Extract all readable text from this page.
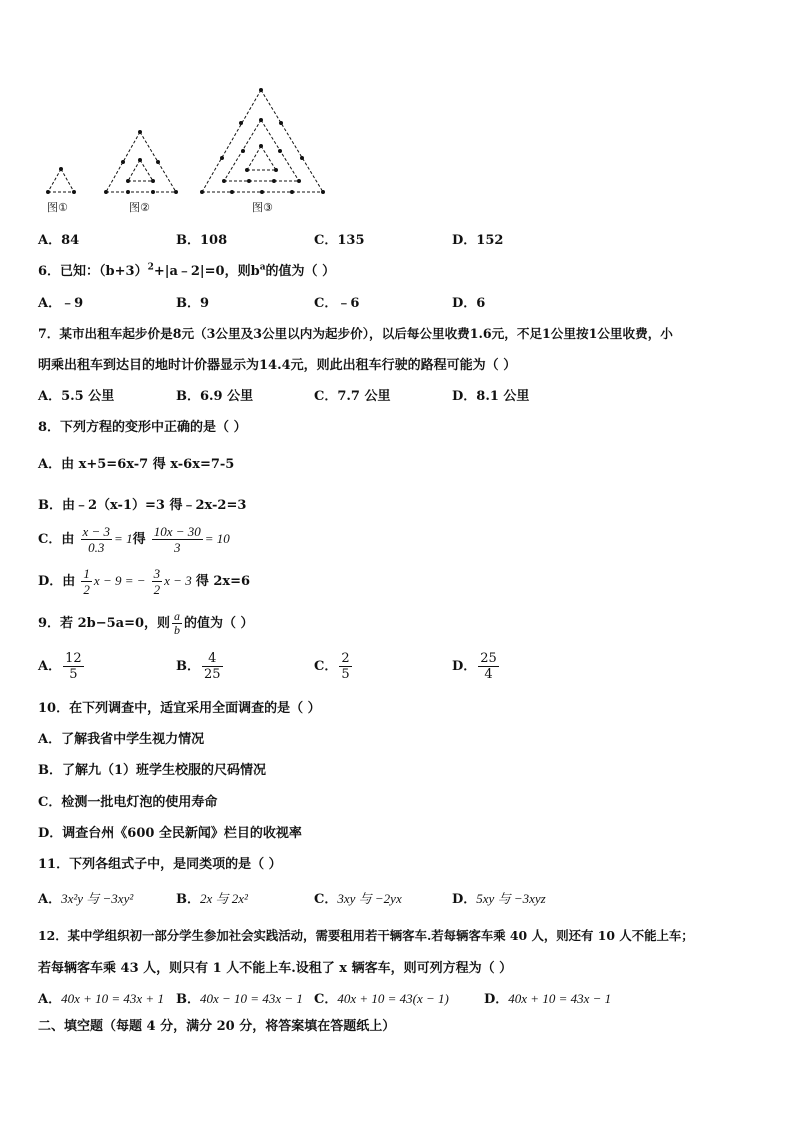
图①	图②	图③
A．84	B．108	C．135	D．152
6．已知：$(b+3)^2+|a﹣2|=0$，则$b^a$的值为（ ）
A．﹣9	B．9	C．﹣6	D．6
7．某市出租车起步价是8元（3公里及3公里以内为起步价），以后每公里收费1.6元，不足1公里按1公里收费，小
明乘出租车到达目的地时计价器显示为14.4元，则此出租车行驶的路程可能为（ ）
A．5.5 公里	B．6.9 公里	C．7.7 公里	D．8.1 公里
8．下列方程的变形中正确的是（ ）
A．由 x+5=6x-7 得 x-6x=7-5
B．由﹣2（x-1）=3 得﹣2x-2=3
C．由 $\frac{x - 3}{0.3} = 1$得 $\frac{10x - 30}{3} = 10$
D．由 $\frac{1}{2}$ x − 9 = − $\frac{3}{2}$ x − 3 得 2x=6
9．若 2b−5a=0，则 $\frac{a}{b}$ 的值为（ ）
A． $\frac{12}{5}$	B． $\frac{4}{25}$	C． $\frac{2}{5}$	D． $\frac{25}{4}$
10．在下列调查中，适宜采用全面调查的是（ ）
A．了解我省中学生视力情况
B．了解九（1）班学生校服的尺码情况
C．检测一批电灯泡的使用寿命
D．调查台州《600 全民新闻》栏目的收视率
11．下列各组式子中，是同类项的是（ ）
A．3x²y 与 −3xy²	B．2x 与 2x²	C．3xy 与 −2yx	D．5xy 与 −3xyz
12．某中学组织初一部分学生参加社会实践活动，需要租用若干辆客车.若每辆客车乘 40 人，则还有 10 人不能上车；
若每辆客车乘 43 人，则只有 1 人不能上车.设租了 x 辆客车，则可列方程为（ ）
A．40x + 10 = 43x + 1 B．40x − 10 = 43x − 1 C．40x + 10 = 43(x − 1)	D．40x + 10 = 43x − 1
二、填空题（每题 4 分，满分 20 分，将答案填在答题纸上）
